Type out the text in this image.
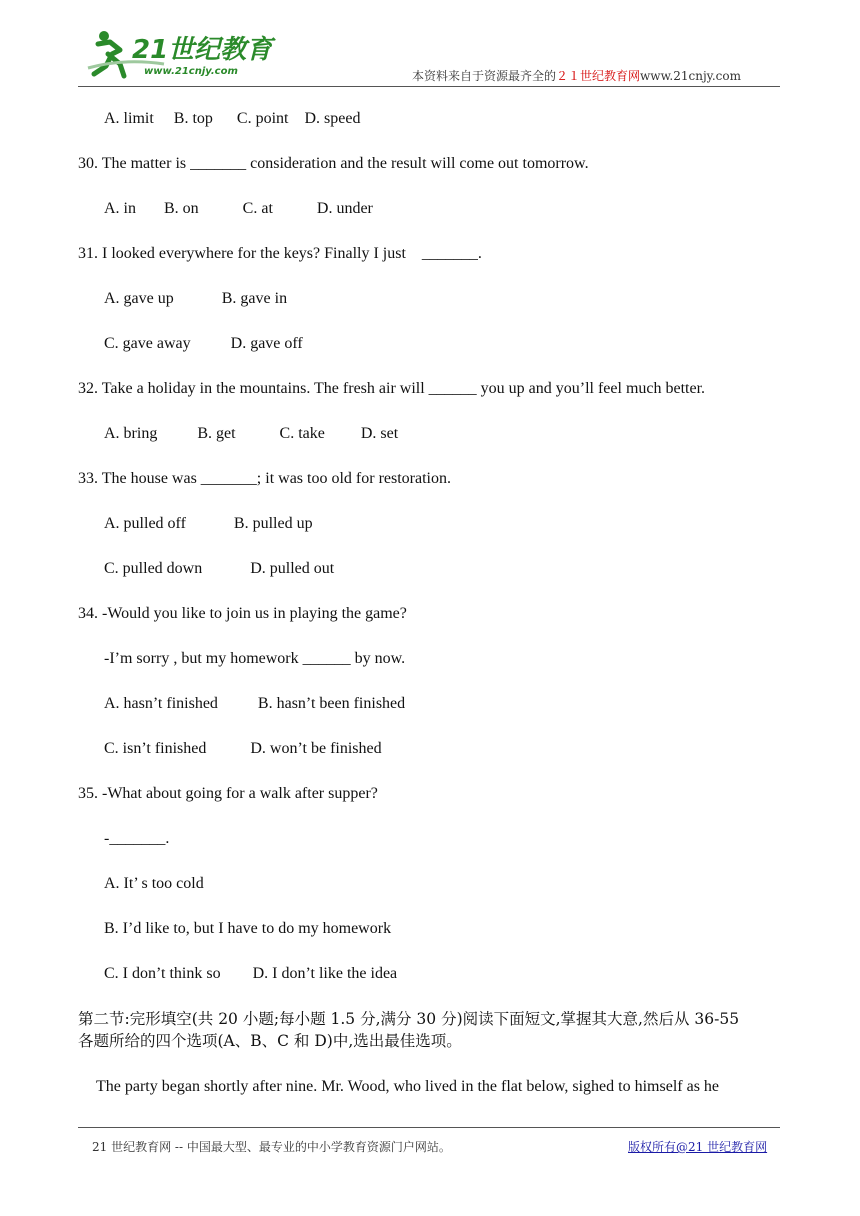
21世纪教育
www.21cnjy.com	本资料来自于资源最齐全的２１世纪教育网www.21cnjy.com
A. limit     B. top      C. point    D. speed
30. The matter is _______ consideration and the result will come out tomorrow.
A. in       B. on           C. at           D. under
31. I looked everywhere for the keys? Finally I just    _______.
A. gave up            B. gave in
C. gave away          D. gave off
32. Take a holiday in the mountains. The fresh air will ______ you up and you’ll feel much better.
A. bring          B. get           C. take         D. set
33. The house was _______; it was too old for restoration.
A. pulled off            B. pulled up
C. pulled down            D. pulled out
34. -Would you like to join us in playing the game?
-I’m sorry , but my homework ______ by now.
A. hasn’t finished          B. hasn’t been finished
C. isn’t finished           D. won’t be finished
35. -What about going for a walk after supper?
-_______.
A. It’ s too cold
B. I’d like to, but I have to do my homework
C. I don’t think so        D. I don’t like the idea
第二节:完形填空(共 20 小题;每小题 1.5 分,满分 30 分)阅读下面短文,掌握其大意,然后从 36-55
各题所给的四个选项(A、B、C 和 D)中,选出最佳选项。
The party began shortly after nine. Mr. Wood, who lived in the flat below, sighed to himself as he
21 世纪教育网 -- 中国最大型、最专业的中小学教育资源门户网站。	版权所有@21 世纪教育网
